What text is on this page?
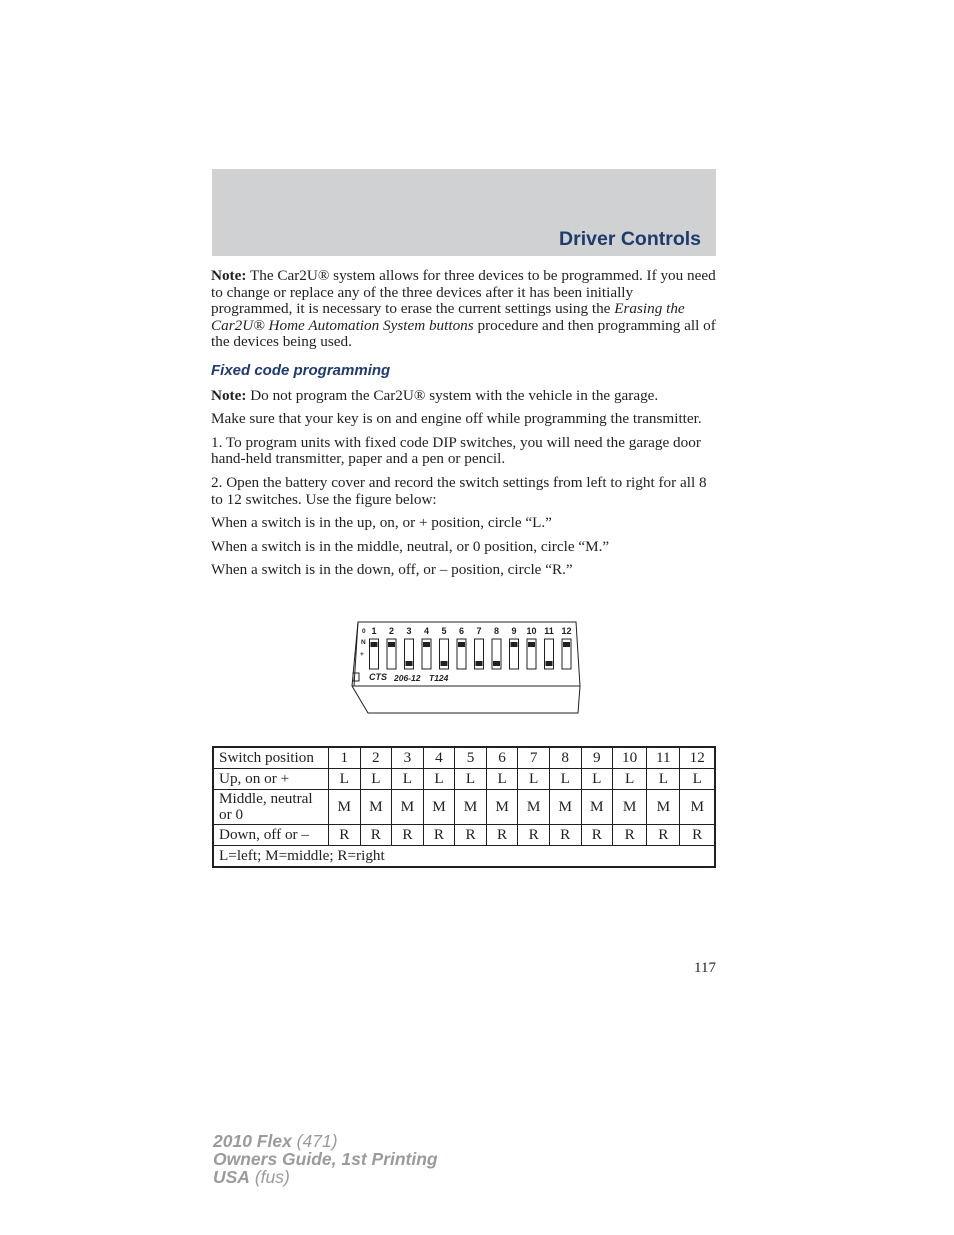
Driver Controls

Note: The Car2U® system allows for three devices to be programmed. If you need to change or replace any of the three devices after it has been initially programmed, it is necessary to erase the current settings using the Erasing the Car2U® Home Automation System buttons procedure and then programming all of the devices being used.

Fixed code programming

Note: Do not program the Car2U® system with the vehicle in the garage.

Make sure that your key is on and engine off while programming the transmitter.

1. To program units with fixed code DIP switches, you will need the garage door hand-held transmitter, paper and a pen or pencil.

2. Open the battery cover and record the switch settings from left to right for all 8 to 12 switches. Use the figure below:

When a switch is in the up, on, or + position, circle “L.”

When a switch is in the middle, neutral, or 0 position, circle “M.”

When a switch is in the down, off, or – position, circle “R.”

0
N
+
1 2 3 4 5 6 7 8 9 10 11 12
CTS 206-12 T124
Switch position	1	2	3	4	5	6	7	8	9	10	11	12
Up, on or +	L	L	L	L	L	L	L	L	L	L	L	L
Middle, neutral or 0	M	M	M	M	M	M	M	M	M	M	M	M
Down, off or –	R	R	R	R	R	R	R	R	R	R	R	R
L=left; M=middle; R=right												
117
2010 Flex (471)
Owners Guide, 1st Printing
USA (fus)
